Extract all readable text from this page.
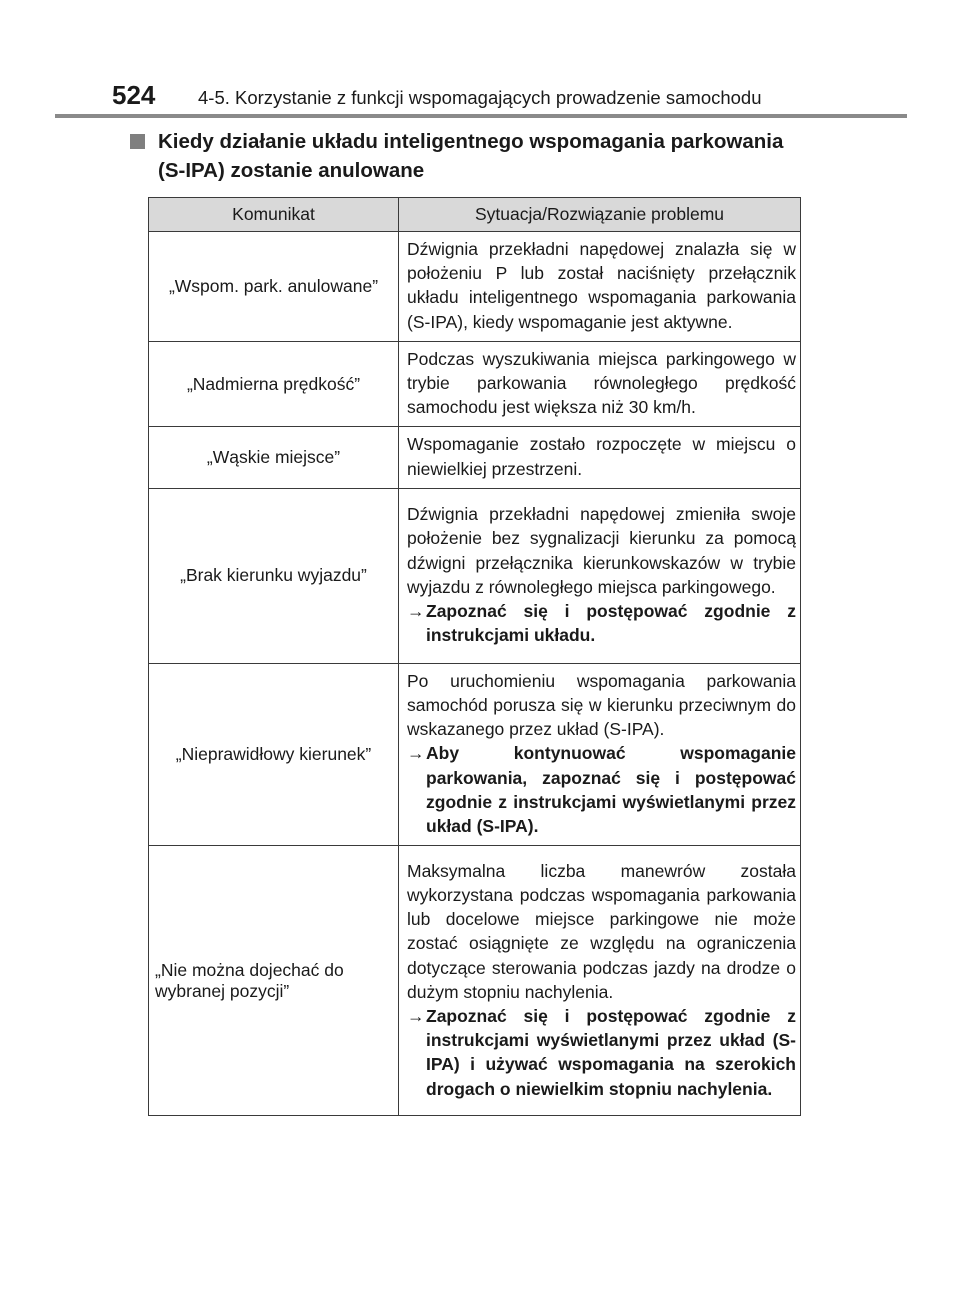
524	4-5. Korzystanie z funkcji wspomagających prowadzenie samochodu
Kiedy działanie układu inteligentnego wspomagania parkowania (S-IPA) zostanie anulowane
Komunikat	Sytuacja/Rozwiązanie problemu
„Wspom. park. anulowane”	Dźwignia przekładni napędowej znalazła się w położeniu P lub został naciśnięty przełącznik układu inteligentnego wspomagania parkowania (S-IPA), kiedy wspomaganie jest aktywne.

„Nadmierna prędkość”	Podczas wyszukiwania miejsca parkingowego w trybie parkowania równoległego prędkość samochodu jest większa niż 30 km/h.

„Wąskie miejsce”	Wspomaganie zostało rozpoczęte w miejscu o niewielkiej przestrzeni.

„Brak kierunku wyjazdu”	Dźwignia przekładni napędowej zmieniła swoje położenie bez sygnalizacji kierunku za pomocą dźwigni przełącznika kierunkowskazów w trybie wyjazdu z równoległego miejsca parkingowego.
→ Zapoznać się i postępować zgodnie z instrukcjami układu.

„Nieprawidłowy kierunek”	Po uruchomieniu wspomagania parkowania samochód porusza się w kierunku przeciwnym do wskazanego przez układ (S-IPA).
→ Aby kontynuować wspomaganie parkowania, zapoznać się i postępować zgodnie z instrukcjami wyświetlanymi przez układ (S-IPA).

„Nie można dojechać do wybranej pozycji”	Maksymalna liczba manewrów została wykorzystana podczas wspomagania parkowania lub docelowe miejsce parkingowe nie może zostać osiągnięte ze względu na ograniczenia dotyczące sterowania podczas jazdy na drodze o dużym stopniu nachylenia.
→ Zapoznać się i postępować zgodnie z instrukcjami wyświetlanymi przez układ (S-IPA) i używać wspomagania na szerokich drogach o niewielkim stopniu nachylenia.
